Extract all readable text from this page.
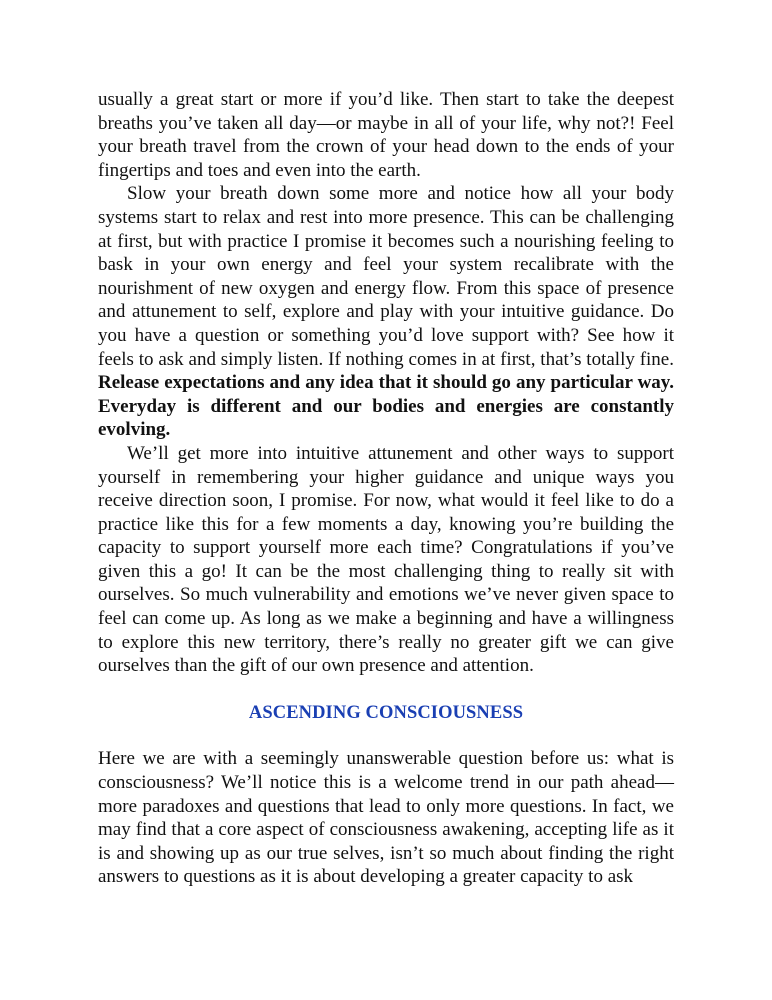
usually a great start or more if you’d like. Then start to take the deepest breaths you’ve taken all day—or maybe in all of your life, why not?! Feel your breath travel from the crown of your head down to the ends of your fingertips and toes and even into the earth.

Slow your breath down some more and notice how all your body systems start to relax and rest into more presence. This can be challenging at first, but with practice I promise it becomes such a nourishing feeling to bask in your own energy and feel your system recalibrate with the nourishment of new oxygen and energy flow. From this space of presence and attunement to self, explore and play with your intuitive guidance. Do you have a question or something you’d love support with? See how it feels to ask and simply listen. If nothing comes in at first, that’s totally fine. Release expectations and any idea that it should go any particular way. Everyday is different and our bodies and energies are constantly evolving.

We’ll get more into intuitive attunement and other ways to support yourself in remembering your higher guidance and unique ways you receive direction soon, I promise. For now, what would it feel like to do a practice like this for a few moments a day, knowing you’re building the capacity to support yourself more each time? Congratulations if you’ve given this a go! It can be the most challenging thing to really sit with ourselves. So much vulnerability and emotions we’ve never given space to feel can come up. As long as we make a beginning and have a willingness to explore this new territory, there’s really no greater gift we can give ourselves than the gift of our own presence and attention.

ASCENDING CONSCIOUSNESS

Here we are with a seemingly unanswerable question before us: what is consciousness? We’ll notice this is a welcome trend in our path ahead—more paradoxes and questions that lead to only more questions. In fact, we may find that a core aspect of consciousness awakening, accepting life as it is and showing up as our true selves, isn’t so much about finding the right answers to questions as it is about developing a greater capacity to ask
